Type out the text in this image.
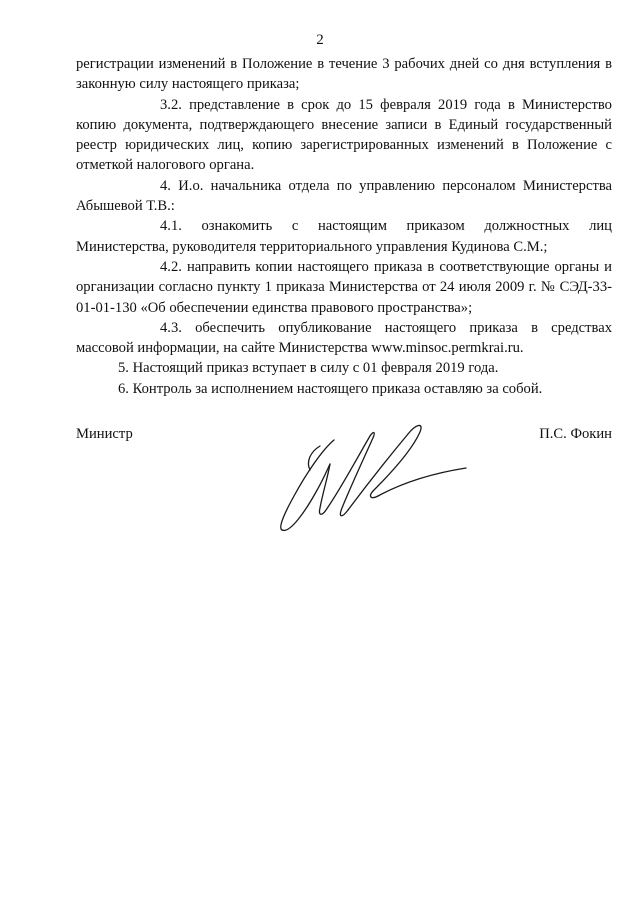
2

регистрации изменений в Положение в течение 3 рабочих дней со дня вступления в законную силу настоящего приказа;

3.2. представление в срок до 15 февраля 2019 года в Министерство копию документа, подтверждающего внесение записи в Единый государственный реестр юридических лиц, копию зарегистрированных изменений в Положение с отметкой налогового органа.

4. И.о. начальника отдела по управлению персоналом Министерства Абышевой Т.В.:

4.1. ознакомить с настоящим приказом должностных лиц Министерства, руководителя территориального управления Кудинова С.М.;

4.2. направить копии настоящего приказа в соответствующие органы и организации согласно пункту 1 приказа Министерства от 24 июля 2009 г. № СЭД-33-01-01-130 «Об обеспечении единства правового пространства»;

4.3. обеспечить опубликование настоящего приказа в средствах массовой информации, на сайте Министерства www.minsoc.permkrai.ru.

5. Настоящий приказ вступает в силу с 01 февраля 2019 года.

6. Контроль за исполнением настоящего приказа оставляю за собой.

Министр	П.С. Фокин
